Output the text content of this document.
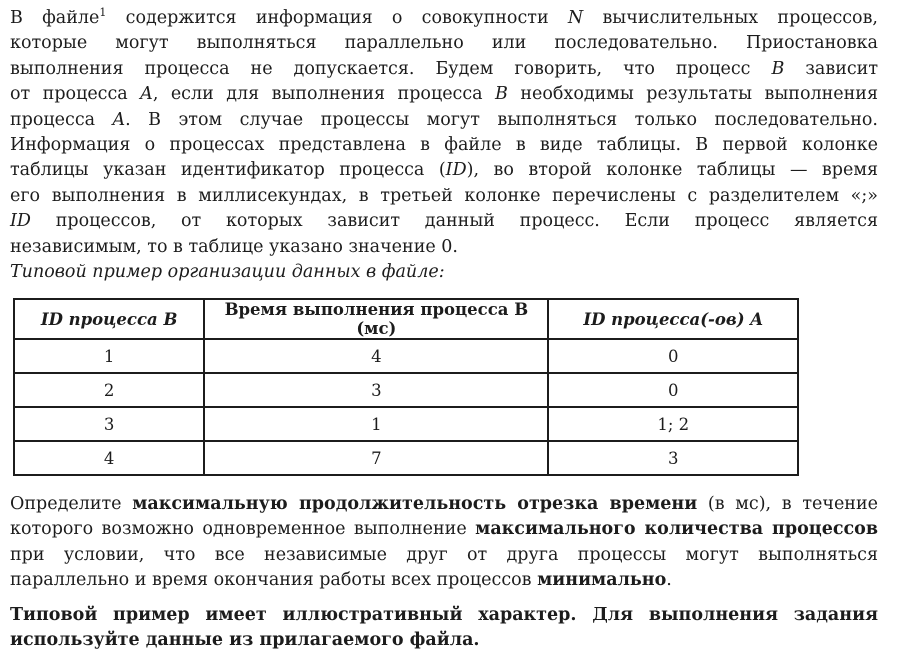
В файле$^1$ содержится информация о совокупности N вычислительных процессов,
которые могут выполняться параллельно или последовательно. Приостановка
выполнения процесса не допускается. Будем говорить, что процесс B зависит
от процесса A, если для выполнения процесса B необходимы результаты выполнения
процесса A. В этом случае процессы могут выполняться только последовательно.
Информация о процессах представлена в файле в виде таблицы. В первой колонке
таблицы указан идентификатор процесса (ID), во второй колонке таблицы — время
его выполнения в миллисекундах, в третьей колонке перечислены с разделителем «;»
ID процессов, от которых зависит данный процесс. Если процесс является
независимым, то в таблице указано значение 0.

Типовой пример организации данных в файле:

ID процесса B	Время выполнения процесса B (мс)	ID процесса(-ов) A
1	4	0
2	3	0
3	1	1; 2
4	7	3

Определите максимальную продолжительность отрезка времени (в мс), в течение
которого возможно одновременное выполнение максимального количества процессов
при условии, что все независимые друг от друга процессы могут выполняться
параллельно и время окончания работы всех процессов минимально.

Типовой пример имеет иллюстративный характер. Для выполнения задания
используйте данные из прилагаемого файла.
